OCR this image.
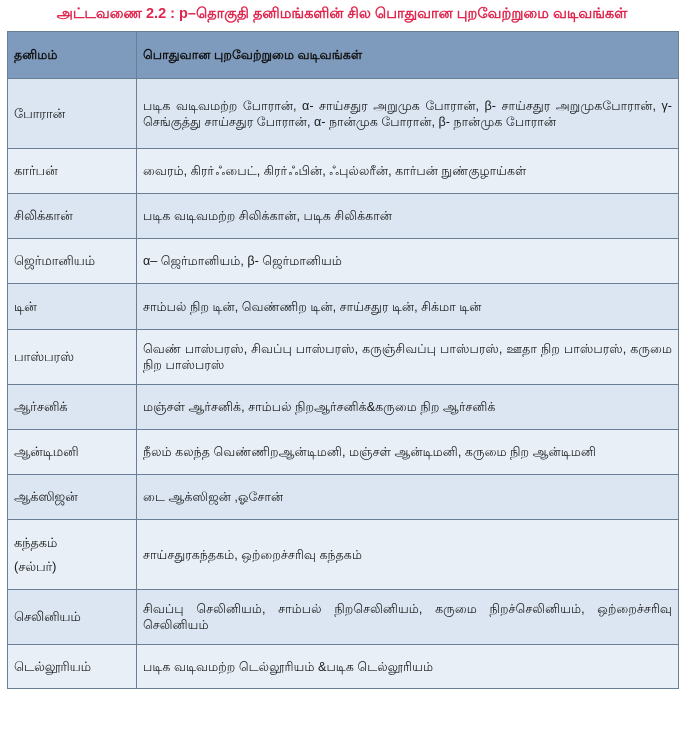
அட்டவணை 2.2 : p–தொகுதி தனிமங்களின் சில பொதுவான புறவேற்றுமை வடிவங்கள்
தனிமம்	பொதுவான புறவேற்றுமை வடிவங்கள்
போரான்	படிக வடிவமற்ற போரான், α- சாய்சதுர அறுமுக போரான், β- சாய்சதுர அறுமுகபோரான், γ- செங்குத்து சாய்சதுர போரான், α- நான்முக போரான், β- நான்முக போரான்
கார்பன்	வைரம், கிரா்ஃபைட், கிரா்ஃபின், ஃபுல்லரீன், கார்பன் நுண்குழாய்கள்
சிலிக்கான்	படிக வடிவமற்ற சிலிக்கான், படிக சிலிக்கான்
ஜெர்மானியம்	α– ஜெர்மானியம், β- ஜெர்மானியம்
டின்	சாம்பல் நிற டின், வெண்ணிற டின், சாய்சதுர டின், சிக்மா டின்
பாஸ்பரஸ்	வெண் பாஸ்பரஸ், சிவப்பு பாஸ்பரஸ், கருஞ்சிவப்பு பாஸ்பரஸ், ஊதா நிற பாஸ்பரஸ், கருமை நிற பாஸ்பரஸ்
ஆர்சனிக்	மஞ்சள் ஆர்சனிக், சாம்பல் நிறஆர்சனிக்&கருமை நிற ஆர்சனிக்
ஆன்டிமனி	நீலம் கலந்த வெண்ணிறஆன்டிமனி, மஞ்சள் ஆன்டிமனி, கருமை நிற ஆன்டிமனி
ஆக்ஸிஜன்	டை ஆக்ஸிஜன் ,ஓசோன்

கந்தகம்
(சல்பர்)	சாய்சதுரகந்தகம், ஒற்றைச்சரிவு கந்தகம்
செலினியம்	சிவப்பு செலினியம், சாம்பல் நிறசெலினியம், கருமை நிறச்செலினியம், ஒற்றைச்சரிவு செலினியம்
டெல்லூரியம்	படிக வடிவமற்ற டெல்லூரியம் &படிக டெல்லூரியம்
